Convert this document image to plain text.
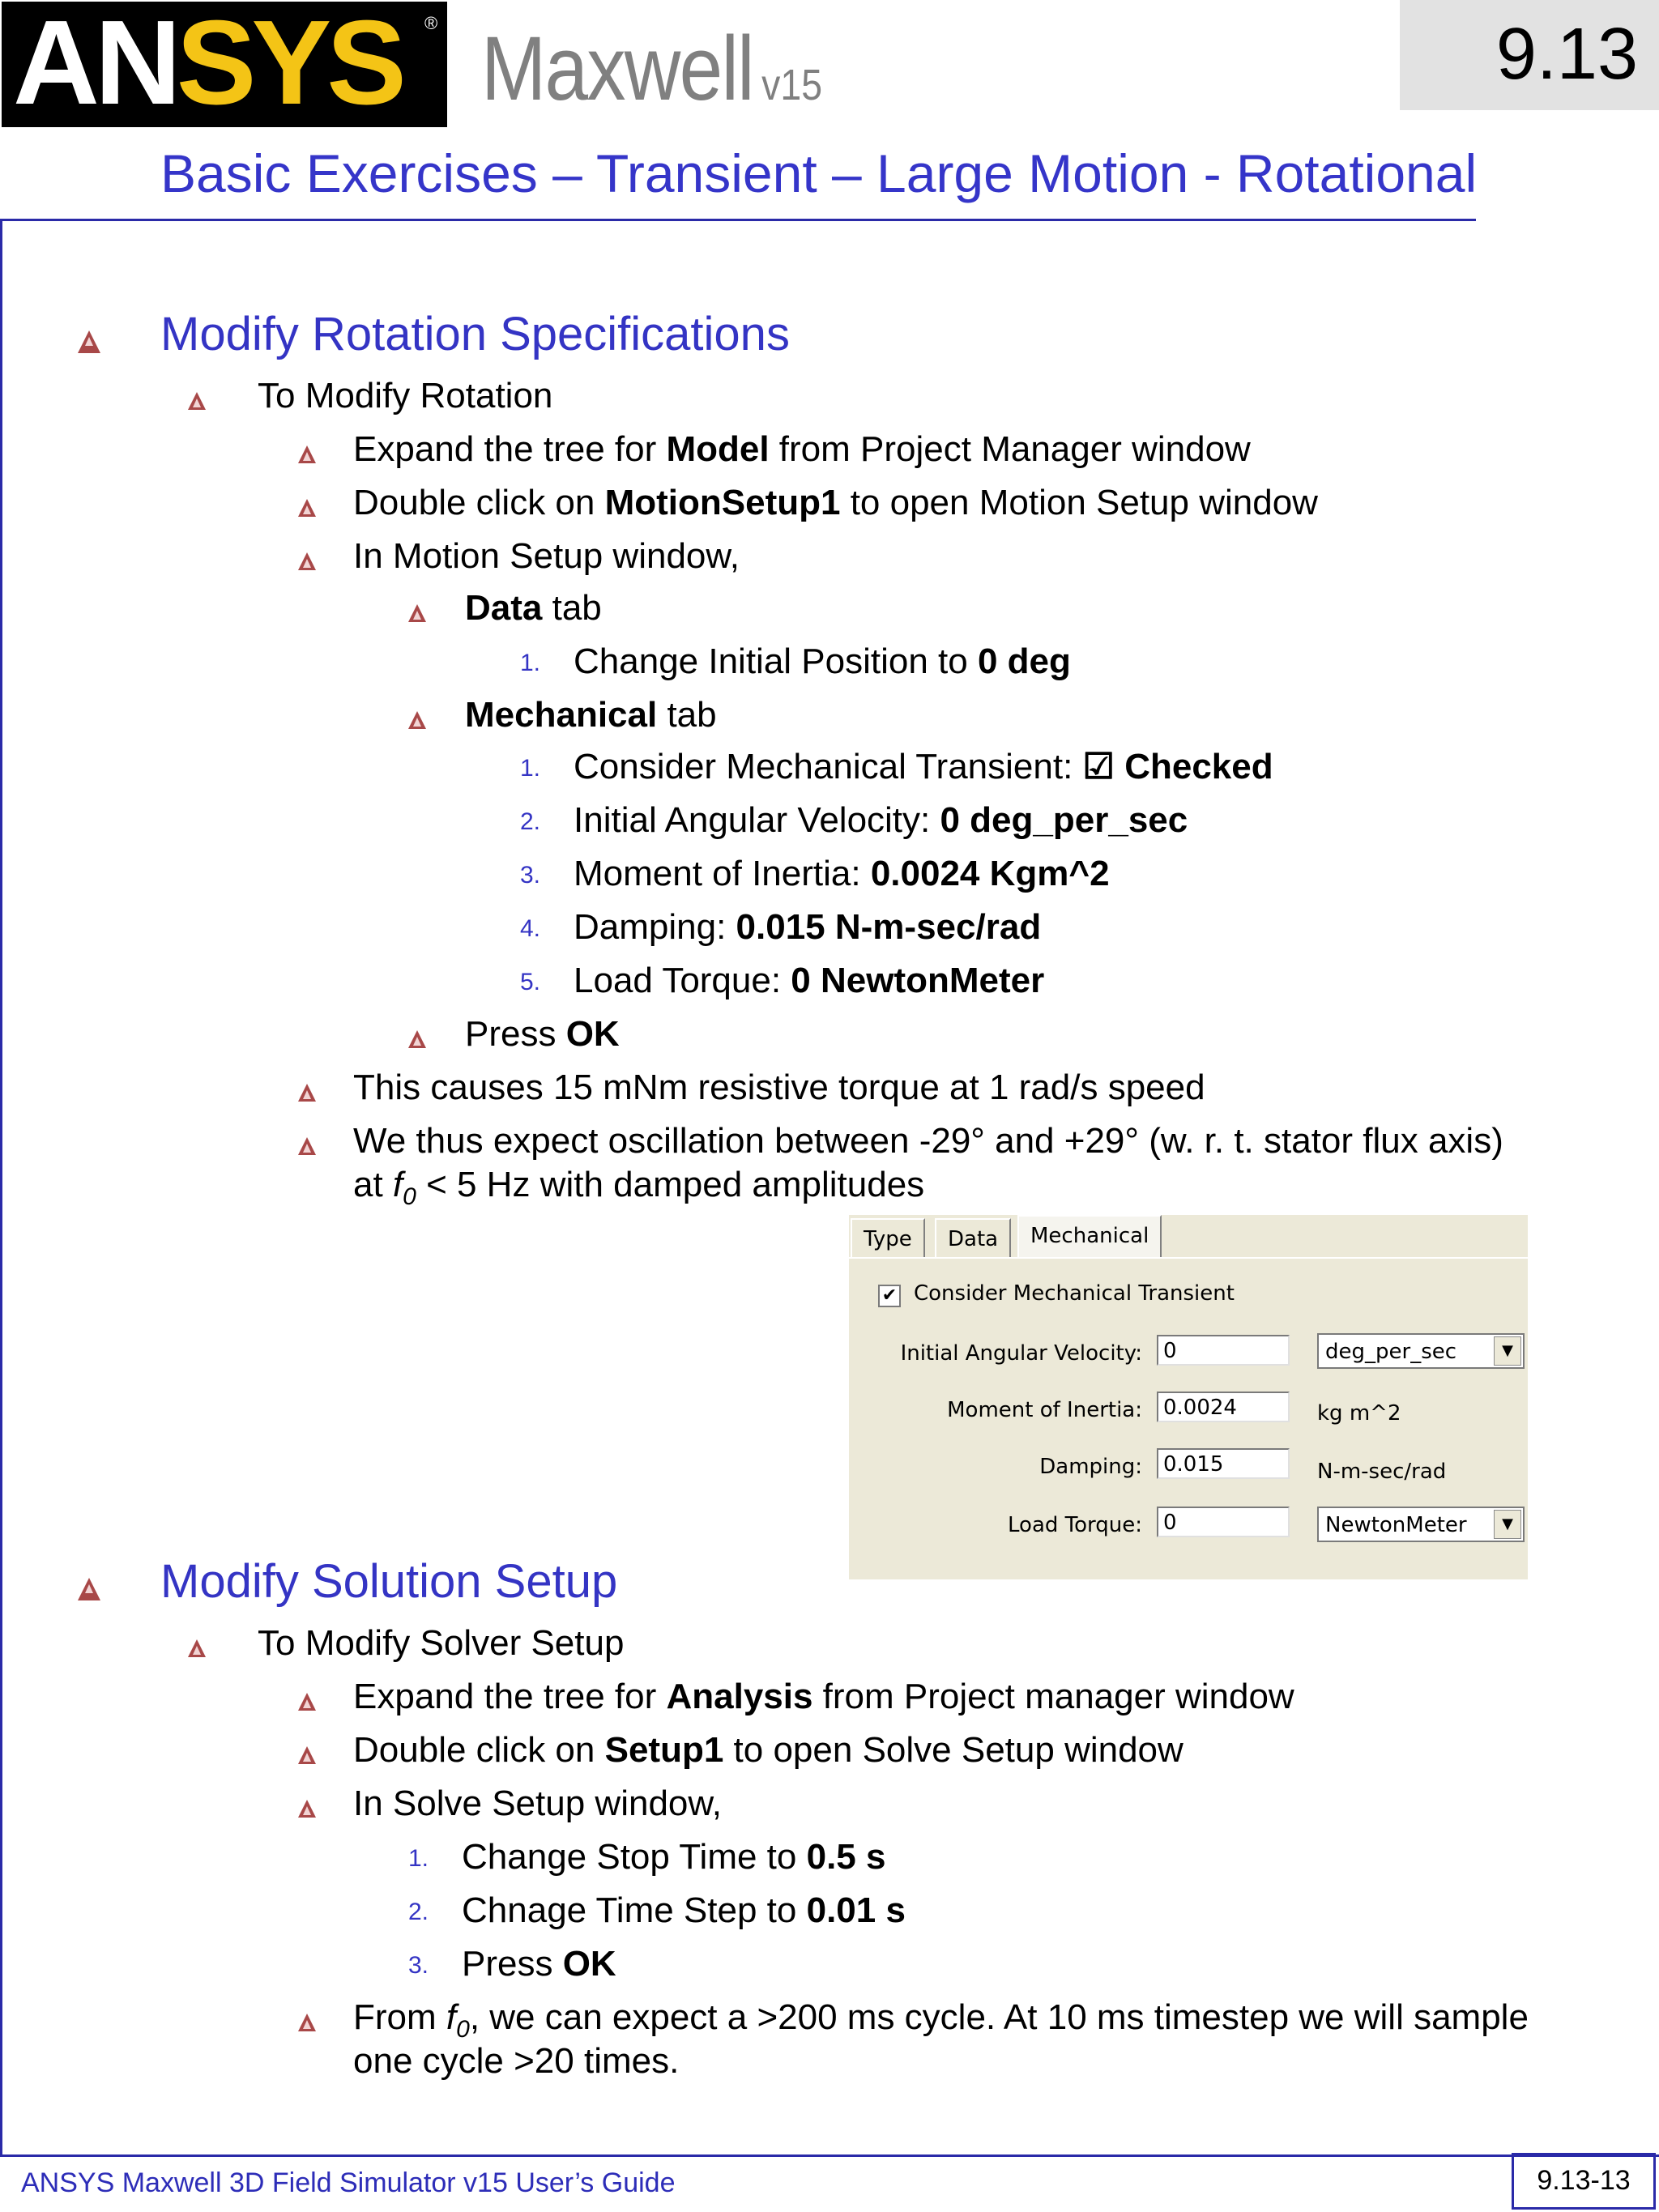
ANSYS ® Maxwell v15	9.13
Basic Exercises – Transient – Large Motion - Rotational
Modify Rotation Specifications
To Modify Rotation
Expand the tree for Model from Project Manager window
Double click on MotionSetup1 to open Motion Setup window
In Motion Setup window,
Data tab
1. Change Initial Position to 0 deg
Mechanical tab
1. Consider Mechanical Transient: ☑ Checked
2. Initial Angular Velocity: 0 deg_per_sec
3. Moment of Inertia: 0.0024 Kgm^2
4. Damping: 0.015 N-m-sec/rad
5. Load Torque: 0 NewtonMeter
Press OK
This causes 15 mNm resistive torque at 1 rad/s speed
We thus expect oscillation between -29° and +29° (w. r. t. stator flux axis)
at $f_0 < 5$ Hz with damped amplitudes
Type	Data	Mechanical
✔ Consider Mechanical Transient
Initial Angular Velocity:	0	deg_per_sec	▼
Moment of Inertia:	0.0024	kg m^2
Damping:	0.015	N-m-sec/rad
Load Torque:	0	NewtonMeter	▼
Modify Solution Setup
To Modify Solver Setup
Expand the tree for Analysis from Project manager window
Double click on Setup1 to open Solve Setup window
In Solve Setup window,
1. Change Stop Time to 0.5 s
2. Chnage Time Step to 0.01 s
3. Press OK
From $f_0$, we can expect a >200 ms cycle. At 10 ms timestep we will sample
one cycle >20 times.
ANSYS Maxwell 3D Field Simulator v15 User’s Guide	9.13-13
